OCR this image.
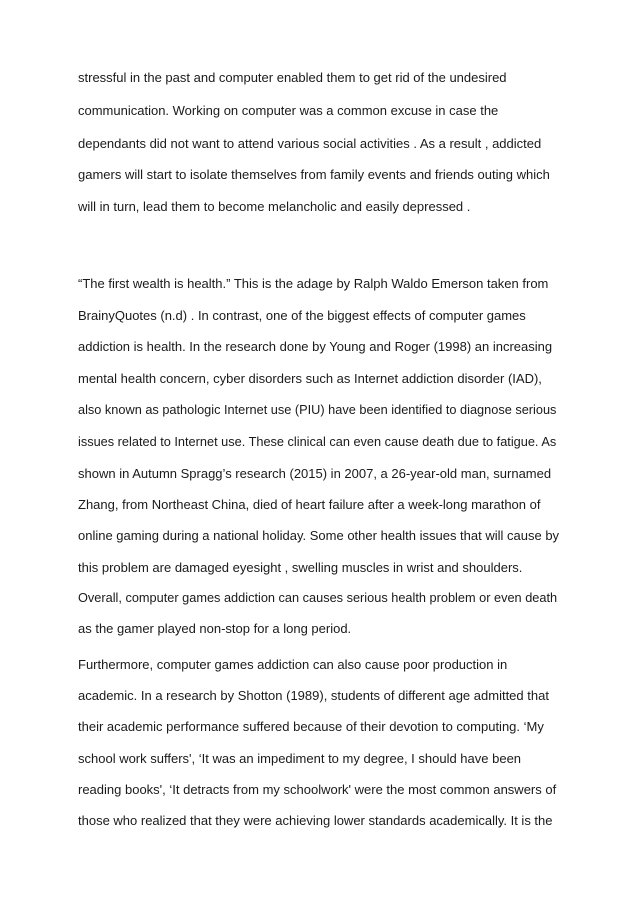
stressful in the past and computer enabled them to get rid of the undesired
communication. Working on computer was a common excuse in case the
dependants did not want to attend various social activities . As a result , addicted
gamers will start to isolate themselves from family events and friends outing which
will in turn, lead them to become melancholic and easily depressed .
“The first wealth is health.” This is the adage by Ralph Waldo Emerson taken from
BrainyQuotes (n.d) . In contrast, one of the biggest effects of computer games
addiction is health. In the research done by Young and Roger (1998) an increasing
mental health concern, cyber disorders such as Internet addiction disorder (IAD),
also known as pathologic Internet use (PIU) have been identified to diagnose serious
issues related to Internet use. These clinical can even cause death due to fatigue. As
shown in Autumn Spragg’s research (2015) in 2007, a 26-year-old man, surnamed
Zhang, from Northeast China, died of heart failure after a week-long marathon of
online gaming during a national holiday. Some other health issues that will cause by
this problem are damaged eyesight , swelling muscles in wrist and shoulders.
Overall, computer games addiction can causes serious health problem or even death
as the gamer played non-stop for a long period.
Furthermore, computer games addiction can also cause poor production in
academic. In a research by Shotton (1989), students of different age admitted that
their academic performance suffered because of their devotion to computing. ‘My
school work suffers', ‘It was an impediment to my degree, I should have been
reading books', ‘It detracts from my schoolwork' were the most common answers of
those who realized that they were achieving lower standards academically. It is the
